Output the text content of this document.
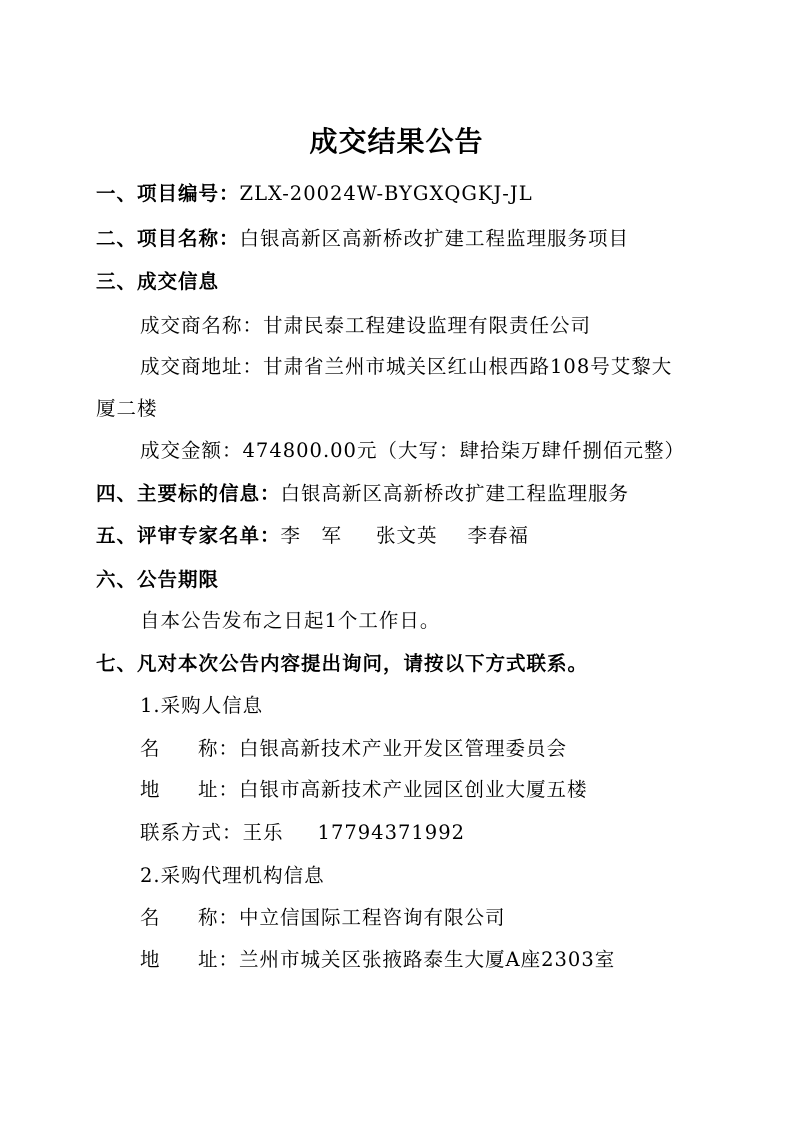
成交结果公告
一、项目编号：ZLX-20024W-BYGXQGKJ-JL
二、项目名称：白银高新区高新桥改扩建工程监理服务项目
三、成交信息
成交商名称：甘肃民泰工程建设监理有限责任公司
成交商地址：甘肃省兰州市城关区红山根西路108号艾黎大
厦二楼
成交金额：474800.00元（大写：肆拾柒万肆仟捌佰元整）
四、主要标的信息：白银高新区高新桥改扩建工程监理服务
五、评审专家名单：李　军 张文英 李春福
六、公告期限
自本公告发布之日起1个工作日。
七、凡对本次公告内容提出询问，请按以下方式联系。
1.采购人信息
名 称：白银高新技术产业开发区管理委员会
地 址：白银市高新技术产业园区创业大厦五楼
联系方式：王乐 17794371992
2.采购代理机构信息
名 称：中立信国际工程咨询有限公司
地 址：兰州市城关区张掖路泰生大厦A座2303室
